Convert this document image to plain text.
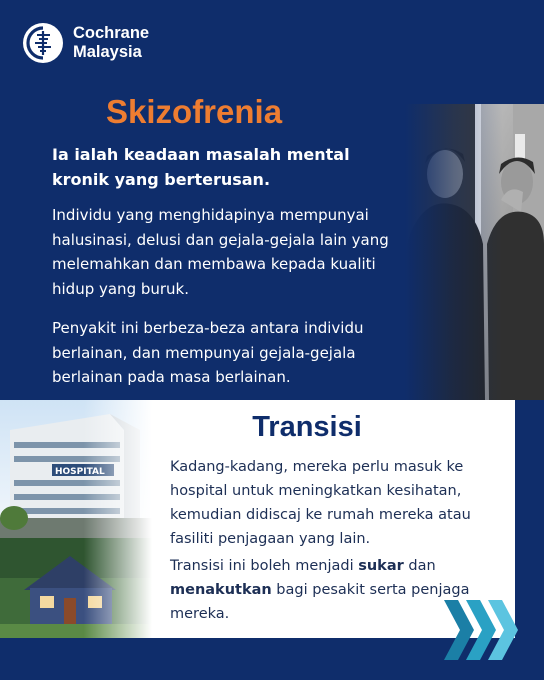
Cochrane
Malaysia
Skizofrenia

Ia ialah keadaan masalah mental kronik yang berterusan.

Individu yang menghidapinya mempunyai halusinasi, delusi dan gejala-gejala lain yang melemahkan dan membawa kepada kualiti hidup yang buruk.

Penyakit ini berbeza-beza antara individu berlainan, dan mempunyai gejala-gejala berlainan pada masa berlainan.

Transisi

Kadang-kadang, mereka perlu masuk ke hospital untuk meningkatkan kesihatan, kemudian didiscaj ke rumah mereka atau fasiliti penjagaan yang lain.

Transisi ini boleh menjadi sukar dan menakutkan bagi pesakit serta penjaga mereka.
